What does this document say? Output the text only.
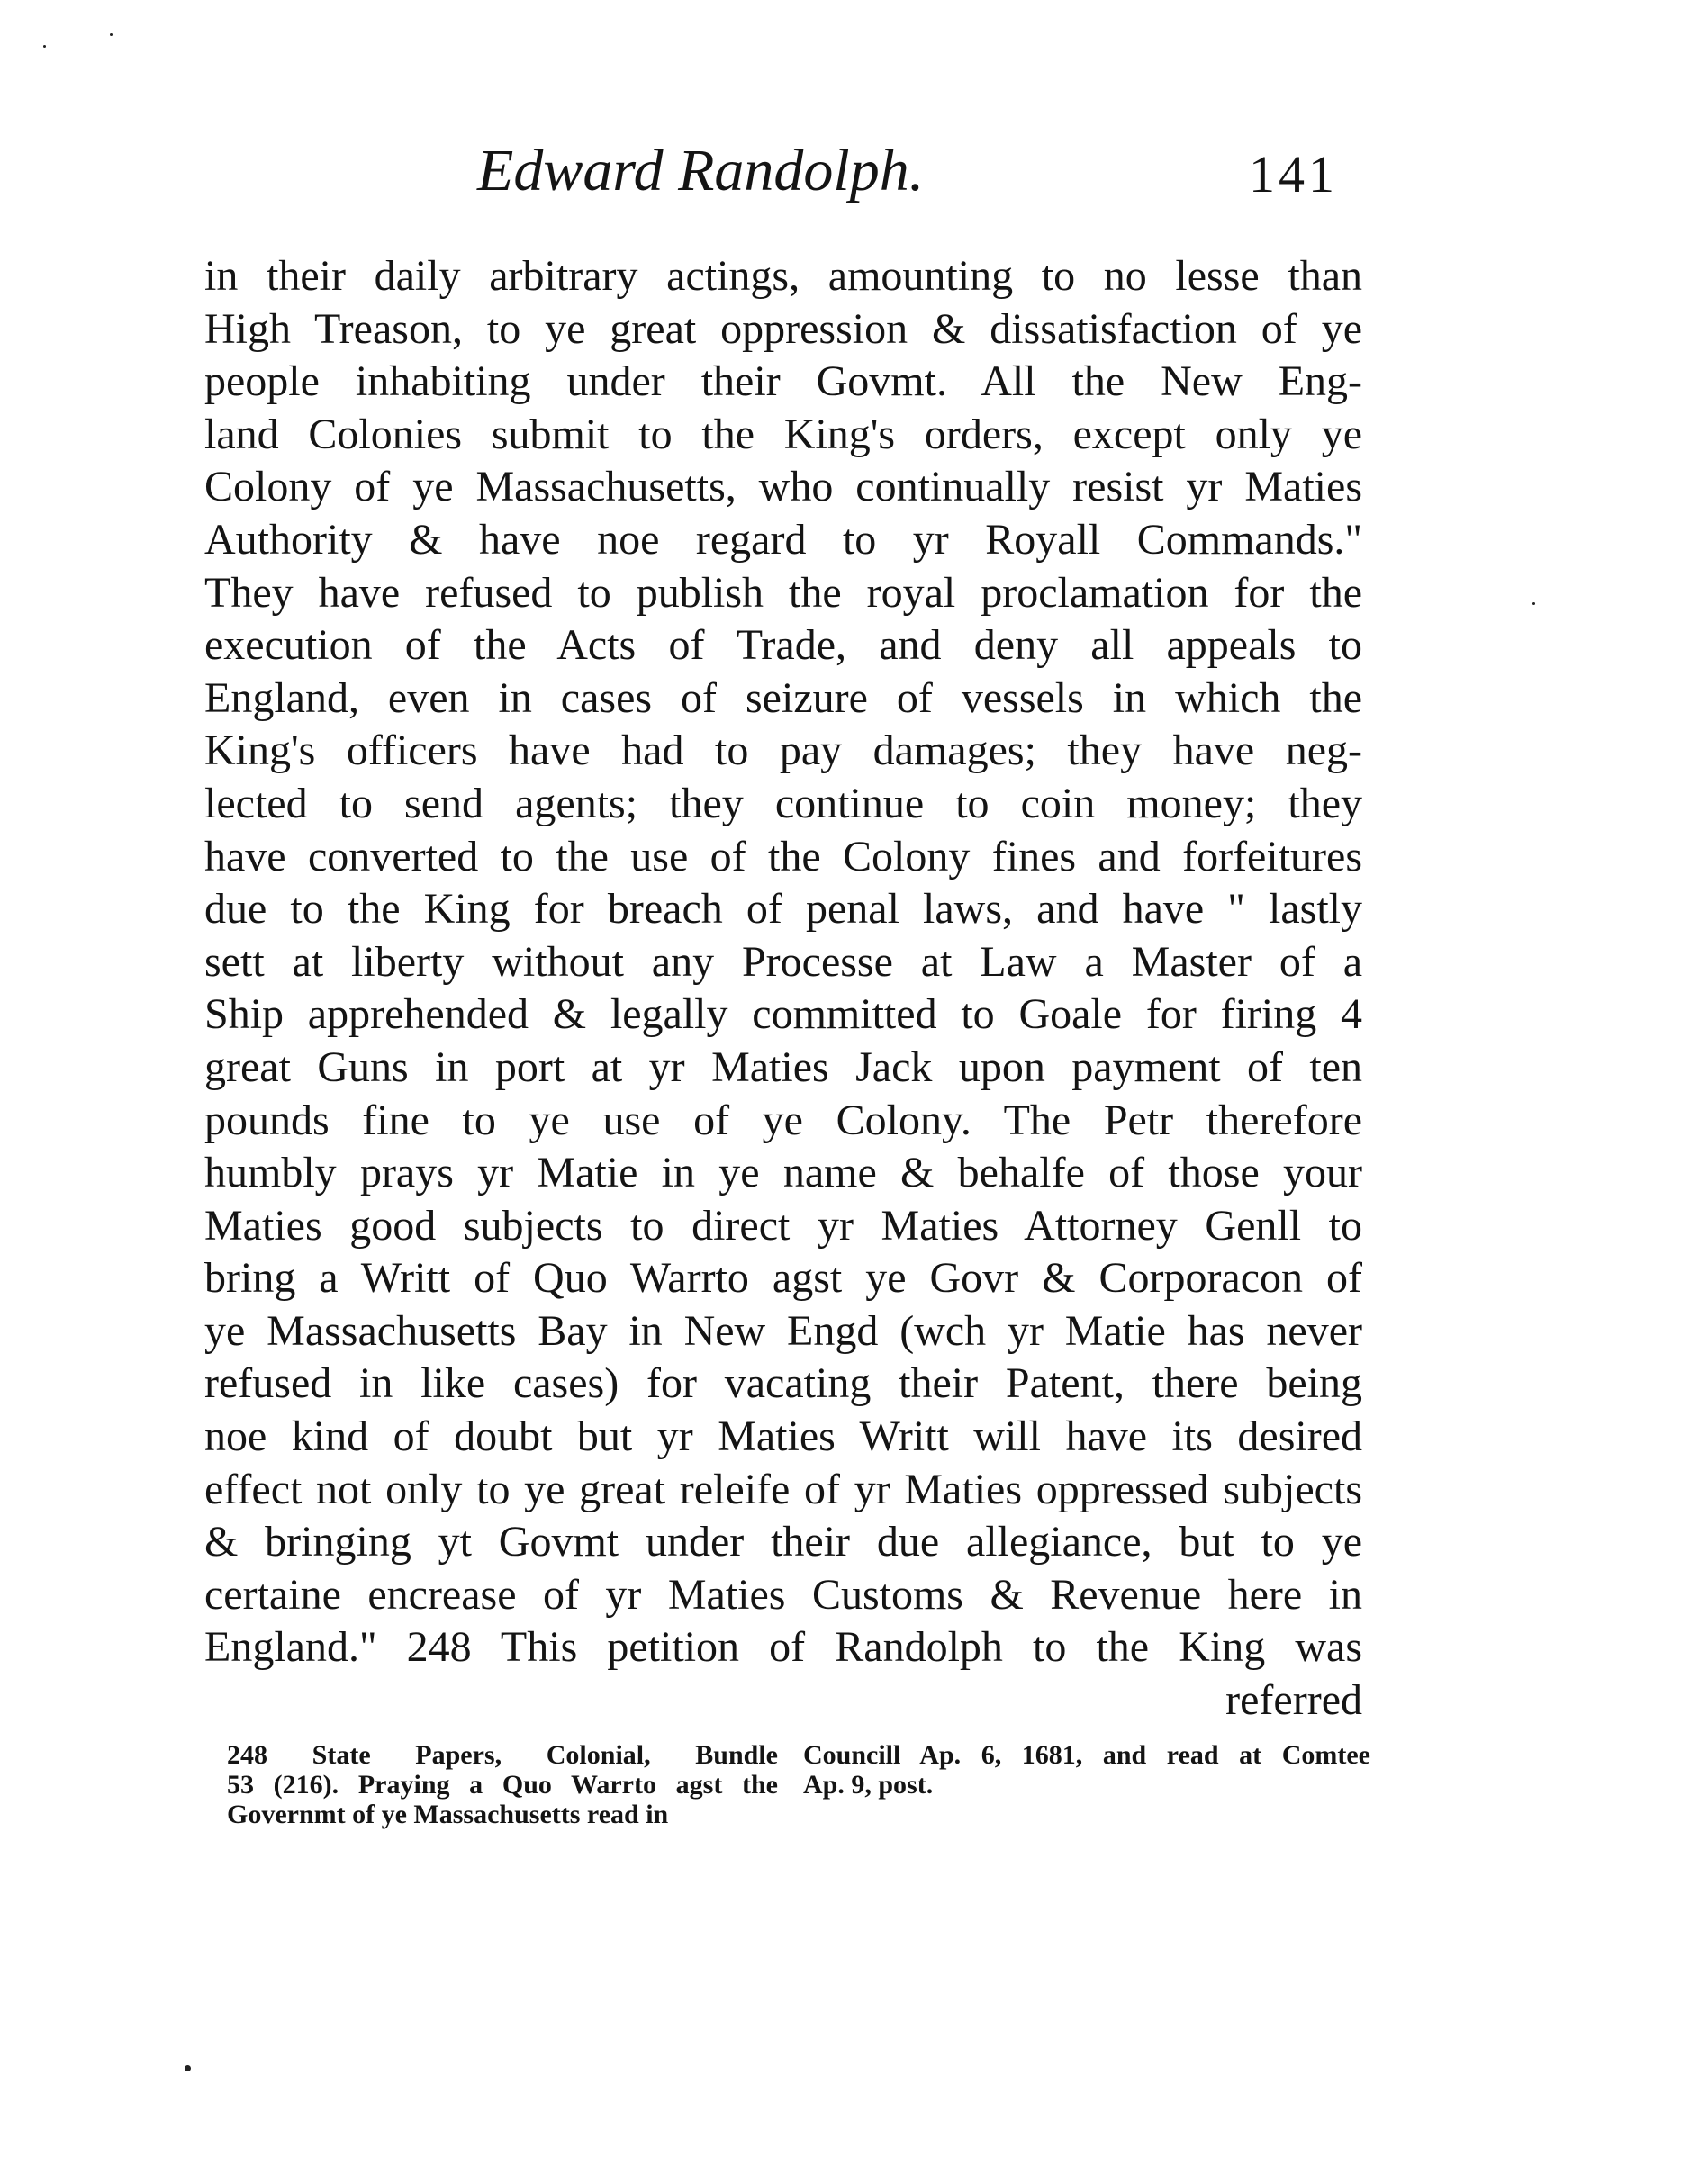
Edward Randolph.	141
in their daily arbitrary actings, amounting to no lesse than
High Treason, to ye great oppression & dissatisfaction of ye
people inhabiting under their Govmt. All the New Eng-
land Colonies submit to the King's orders, except only ye
Colony of ye Massachusetts, who continually resist yr Maties
Authority & have noe regard to yr Royall Commands."
They have refused to publish the royal proclamation for the
execution of the Acts of Trade, and deny all appeals to
England, even in cases of seizure of vessels in which the
King's officers have had to pay damages; they have neg-
lected to send agents; they continue to coin money; they
have converted to the use of the Colony fines and forfeitures
due to the King for breach of penal laws, and have " lastly
sett at liberty without any Processe at Law a Master of a
Ship apprehended & legally committed to Goale for firing 4
great Guns in port at yr Maties Jack upon payment of ten
pounds fine to ye use of ye Colony. The Petr therefore
humbly prays yr Matie in ye name & behalfe of those your
Maties good subjects to direct yr Maties Attorney Genll to
bring a Writt of Quo Warrto agst ye Govr & Corporacon of
ye Massachusetts Bay in New Engd (wch yr Matie has never
refused in like cases) for vacating their Patent, there being
noe kind of doubt but yr Maties Writt will have its desired
effect not only to ye great releife of yr Maties oppressed subjects
& bringing yt Govmt under their due allegiance, but to ye
certaine encrease of yr Maties Customs & Revenue here in
England." 248 This petition of Randolph to the King was
referred
248 State Papers, Colonial, Bundle
53 (216). Praying a Quo Warrto agst the
Governmt of ye Massachusetts read in
Councill Ap. 6, 1681, and read at Comtee
Ap. 9, post.
